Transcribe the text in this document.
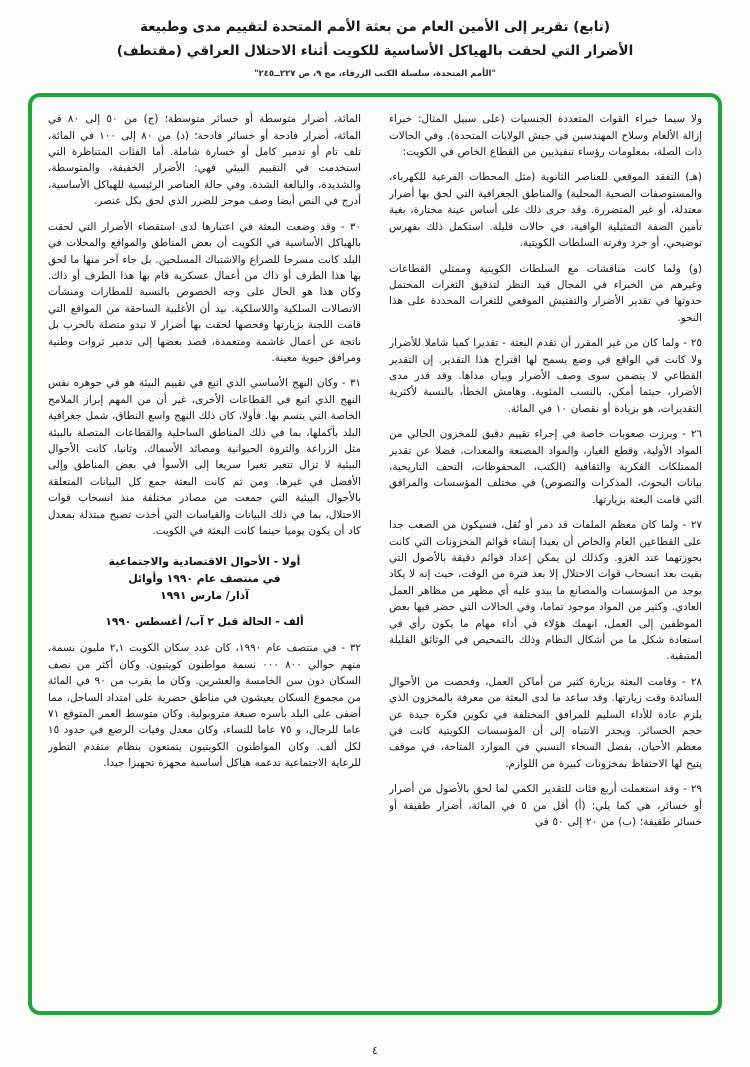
(تابع) تقرير إلى الأمين العام من بعثة الأمم المتحدة لتقييم مدى وطبيعة
الأضرار التي لحقت بالهياكل الأساسية للكويت أثناء الاحتلال العراقي (مقتطف)
"الأمم المتحدة، سلسلة الكتب الزرقاء، مج ٩، ص ٢٢٧ــ٢٤٥"

ولا سيما خبراء القوات المتعددة الجنسيات (على سبيل المثال: خبراء إزالة الألغام وسلاح المهندسين في جيش الولايات المتحدة). وفي الحالات ذات الصلة، بمعلومات رؤساء تنفيذيين من القطاع الخاص في الكويت:

(هـ) التفقد الموقعي للعناصر الثانوية (مثل المحطات الفرعية للكهرباء، والمستوصفات الصحية المحلية) والمناطق الجغرافية التي لحق بها أضرار معتدلة، أو غير المتضررة. وقد جرى ذلك على أساس عينة مختارة، بغية تأمين الصفة التمثيلية الوافية، في حالات قليلة. استكمل ذلك بفهرس توضيحي، أو جرد وفرته السلطات الكويتية.

(و) ولما كانت مناقشات مع السلطات الكويتية وممثلي القطاعات وغيرهم من الخبراء في المجال قيد النظر لتدقيق الثغرات المحتمل حدوثها في تقدير الأضرار والتفتيش الموقعي للثغرات المحددة على هذا النحو.

٢٥ - ولما كان من غير المقرر أن تقدم البعثة - تقديرا كميا شاملا للأضرار ولا كانت في الواقع في وضع يسمح لها اقتراح هذا التقدير. إن التقدير القطاعي لا يتضمن سوى وصف الأضرار وبيان مداها. وقد قدر مدى الأضرار، حيثما أمكن، بالنسب المئوية. وهامش الخطأ، بالنسبة لأكثرية التقديرات، هو بزيادة أو نقصان ١٠ في المائة.

٢٦ - وبرزت صعوبات خاصة في إجراء تقييم دقيق للمخزون الحالي من المواد الأولية، وقطع الغيار، والمواد المصنعة والمعدات، فضلا عن تقدير الممتلكات الفكرية والثقافية (الكتب، المحفوظات، التحف التاريخية، بيانات البحوث، المذكرات والنصوص) في مختلف المؤسسات والمرافق التي قامت البعثة بزيارتها.

٢٧ - ولما كان معظم الملفات قد دمر أو نُقل، فسيكون من الصعب جدا على القطاعين العام والخاص أن يعيدا إنشاء قوائم المخزونات التي كانت بحوزتهما عند الغزو. وكذلك لن يمكن إعداد قوائم دقيقة بالأصول التي بقيت بعد انسحاب قوات الاحتلال إلا بعد فترة من الوقت، حيث إنه لا يكاد يوجد من المؤسسات والمصانع ما يبدو عليه أي مظهر من مظاهر العمل العادي. وكثير من المواد موجود تماما، وفي الحالات التي حضر فيها بعض الموظفين إلى العمل، انهمك هؤلاء في أداء مهام ما يكون رأي في استعادة شكل ما من أشكال النظام وذلك بالتمحيص في الوثائق القليلة المتبقية.

٢٨ - وقامت البعثة بزيارة كثير من أماكن العمل، وفحصت من الأحوال السائدة وقت زيارتها. وقد ساعد ما لدى البعثة من معرفة بالمخزون الذي يلزم عادة للأداء السليم للمرافق المختلفة في تكوين فكرة جيدة عن حجم الخسائر. ويجدر الانتباه إلى أن المؤسسات الكويتية كانت في معظم الأحيان، بفضل السخاء النسبي في الموارد المتاحة، في موقف يتيح لها الاحتفاظ بمخزونات كبيرة من اللوازم.

٢٩ - وقد استعملت أربع فئات للتقدير الكمي لما لحق بالأصول من أضرار أو خسائر، هي كما يلي: (أ) أقل من ٥ في المائة، أضرار طفيفة أو خسائر طفيفة؛ (ب) من ٢٠ إلى ٥٠ في

المائة، أضرار متوسطة أو خسائر متوسطة؛ (ج) من ٥٠ إلى ٨٠ في المائة، أضرار فادحة أو خسائر فادحة؛ (د) من ٨٠ إلى ١٠٠ في المائة، تلف تام أو تدمير كامل أو خسارة شاملة. أما الفئات المتناظرة التي استخدمت في التقييم البيئي فهي: الأضرار الخفيفة، والمتوسطة، والشديدة، والبالغة الشدة. وفي حالة العناصر الرئيسية للهياكل الأساسية، أدرج في النص أيضا وصف موجز للضرر الذي لحق بكل عنصر.

٣٠ - وقد وضعت البعثة في اعتبارها لدى استقصاء الأضرار التي لحقت بالهياكل الأساسية في الكويت أن بعض المناطق والمواقع والمحلات في البلد كانت مسرحا للصراع والاشتباك المسلحين. بل جاء آخر منها ما لحق بها هذا الطرف أو ذاك من أعمال عسكرية قام بها هذا الطرف أو ذاك. وكان هذا هو الحال على وجه الخصوص بالنسبة للمطارات ومنشآت الاتصالات السلكية واللاسلكية. بيد أن الأغلبية الساحقة من المواقع التي قامت اللجنة بزيارتها وفحصها لحقت بها أضرار لا تبدو متصلة بالحرب بل ناتجة عن أعمال غاشمة ومتعمدة، قصد بعضها إلى تدمير ثروات وطنية ومرافق حيوية معينة.

٣١ - وكان النهج الأساسي الذي اتبع في تقييم البيئة هو في جوهره نفس النهج الذي اتبع في القطاعات الأخرى، غير أن من المهم إبراز الملامح الخاصة التي يتسم بها. فأولا، كان ذلك النهج واسع النطاق، شمل جغرافية البلد بأكملها، بما في ذلك المناطق الساحلية والقطاعات المتصلة بالبيئة مثل الزراعة والثروة الحيوانية ومصائد الأسماك. وثانيا، كانت الأحوال البيئية لا تزال تتغير تغيرا سريعا إلى الأسوأ في بعض المناطق وإلى الأفضل في غيرها. ومن ثم كانت البعثة جمع كل البيانات المتعلقة بالأحوال البيئية التي جمعت من مصادر مختلفة منذ انسحاب قوات الاحتلال، بما في ذلك البيانات والقياسات التي أخذت تصبح مبتذلة بمعدل كاد أن يكون يوميا حينما كانت البعثة في الكويت.

أولا - الأحوال الاقتصادية والاجتماعية
في منتصف عام ١٩٩٠ وأوائل
آذار/ مارس ١٩٩١
ألف - الحالة قبل ٢ آب/ أغسطس ١٩٩٠

٣٢ - في منتصف عام ١٩٩٠، كان عدد سكان الكويت ٢,١ مليون نسمة، منهم حوالي ٨٠٠ ٠٠٠ نسمة مواطنون كويتيون. وكان أكثر من نصف السكان دون سن الخامسة والعشرين. وكان ما يقرب من ٩٠ في المائة من مجموع السكان يعيشون في مناطق حضرية على امتداد الساحل، مما أضفى على البلد بأسره صبغة متروبولية. وكان متوسط العمر المتوقع ٧١ عاما للرجال، و ٧٥ عاما للنساء، وكان معدل وفيات الرضع في حدود ١٥ لكل ألف. وكان المواطنون الكويتيون يتمتعون بنظام متقدم التطور للرعاية الاجتماعية تدعمه هياكل أساسية مجهزة تجهيزا جيدا.

٤
